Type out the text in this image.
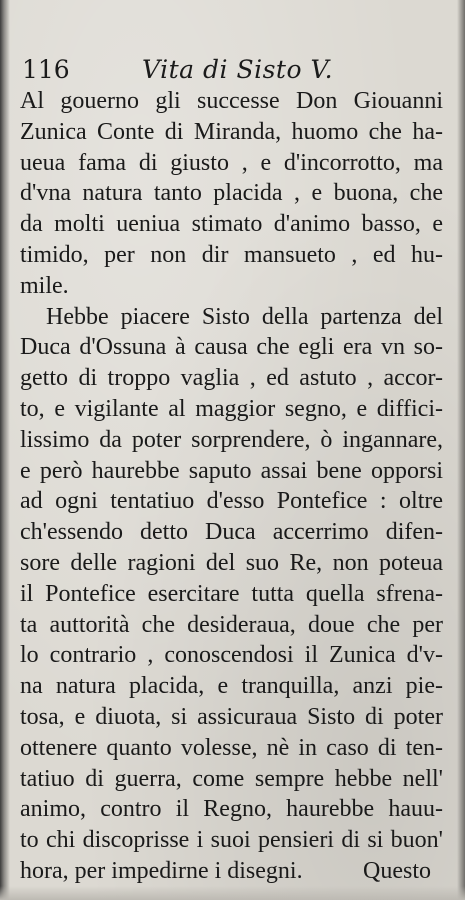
116	Vita di Sisto V.
Al gouerno gli successe Don Giouanni
Zunica Conte di Miranda, huomo che ha-
ueua fama di giusto , e d'incorrotto, ma
d'vna natura tanto placida , e buona, che
da molti ueniua stimato d'animo basso, e
timido, per non dir mansueto , ed hu-
mile.
Hebbe piacere Sisto della partenza del
Duca d'Ossuna à causa che egli era vn so-
getto di troppo vaglia , ed astuto , accor-
to, e vigilante al maggior segno, e diffici-
lissimo da poter sorprendere, ò ingannare,
e però haurebbe saputo assai bene opporsi
ad ogni tentatiuo d'esso Pontefice : oltre
ch'essendo detto Duca accerrimo difen-
sore delle ragioni del suo Re, non poteua
il Pontefice esercitare tutta quella sfrena-
ta auttorità che desideraua, doue che per
lo contrario , conoscendosi il Zunica d'v-
na natura placida, e tranquilla, anzi pie-
tosa, e diuota, si assicuraua Sisto di poter
ottenere quanto volesse, nè in caso di ten-
tatiuo di guerra, come sempre hebbe nell'
animo, contro il Regno, haurebbe hauu-
to chi discoprisse i suoi pensieri di si buon'
hora, per impedirne i disegni.	Questo
